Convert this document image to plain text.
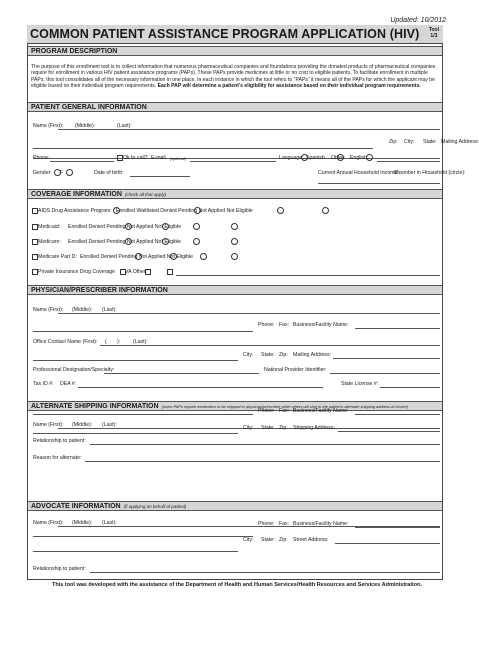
Updated: 10/2012
COMMON PATIENT ASSISTANCE PROGRAM APPLICATION (HIV) Tool
1/3
PROGRAM DESCRIPTION
The purpose of this enrollment tool is to collect information that numerous pharmaceutical companies and foundations providing the donated products of pharmaceutical companies require for enrollment in various HIV patient assistance programs (PAPs). These PAPs provide medicines at little or no cost to eligible patients. To facilitate enrollment in multiple PAPs, this tool consolidates all of the necessary information in one place. In each instance in which the tool refers to "PAPs" it means all of the PAPs for which the applicant may be eligible based on their individual program requirements. Each PAP will determine a patient's eligibility for assistance based on their individual program requirements.
PATIENT GENERAL INFORMATION
Name (First): (Middle):	(Last):
Zip: City: State: Mailing Address:
Phone:	Ok to call? E-mail (optional)	Language: Spanish Other: English
Gender: F	Date of birth:	Current Annual Household Income:
$Number in Household (circle):
COVERAGE INFORMATION (check all that apply)
AIDS Drug Assistance Program: Enrolled Waitlisted Denied Pending Not Applied Not Eligible
Medicaid: Enrolled Denied Pending Not Applied Not Eligible
Medicare: Enrolled Denied Pending Not Applied Not Eligible
Medicare Part D: Enrolled Denied Pending Not Applied Not Eligible
Private Insurance Drug Coverage VA Other:
PHYSICIAN/PRESCRIBER INFORMATION
Name (First): (Middle): (Last):
Phone: Fax: Business/Facility Name:
Office Contact Name (First): ( ): (Last):
City: State: Zip: Mailing Address:
Professional Designation/Specialty:	National Provider Identifier:
Tax ID #: DEA #:	State License #:
ALTERNATE SHIPPING INFORMATION (some PAPs require medication to be shipped to physician/prescriber while others will ship to the patient's alternate shipping address of choice)
Name (First): (Middle): (Last):
Phone: Fax: Business/Facility Name:
City: State: Zip: Shipping Address:
Relationship to patient:
Reason for alternate:
ADVOCATE INFORMATION (if applying on behalf of patient)
Name (First): (Middle): (Last):	Phone: Fax: Business/Facility Name:
City: State: Zip: Street Address:
Relationship to patient:
This tool was developed with the assistance of the Department of Health and Human Services/Health Resources and Services Administration.
